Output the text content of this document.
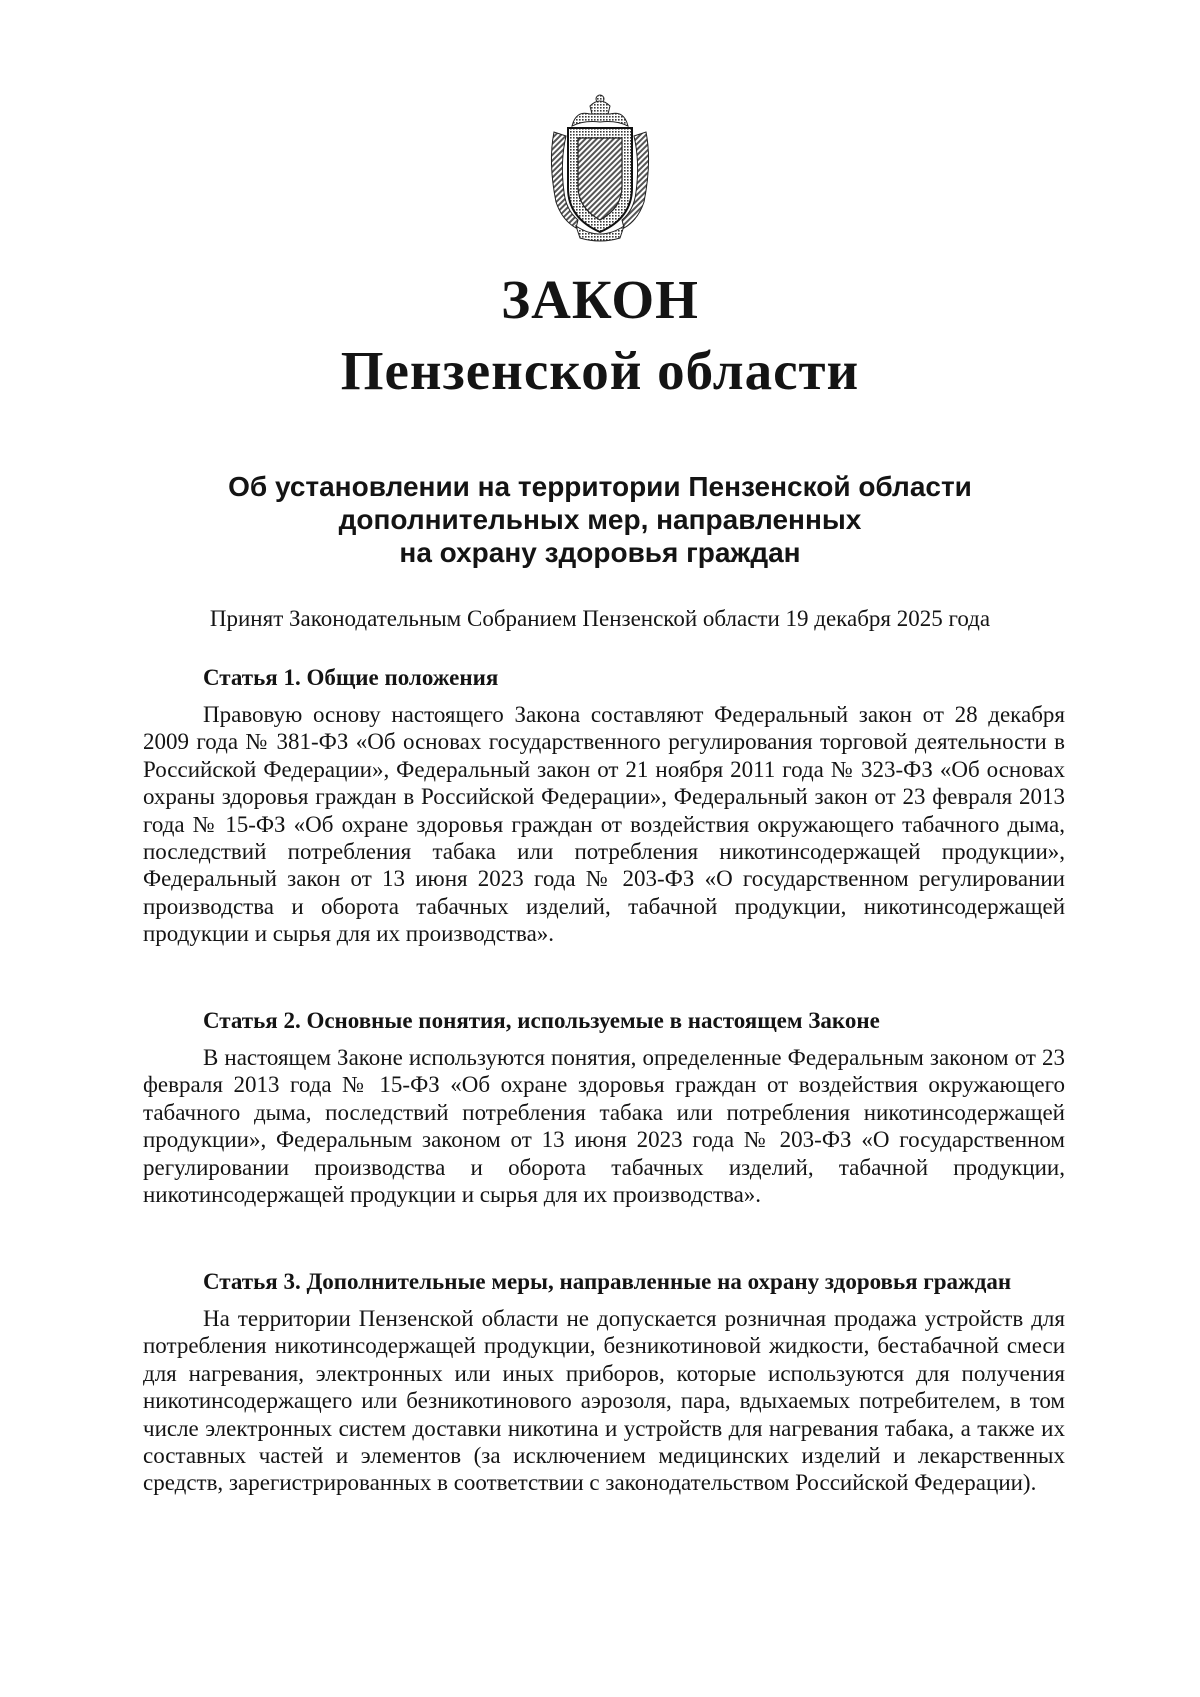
ЗАКОН
Пензенской области
Об установлении на территории Пензенской области
дополнительных мер, направленных
на охрану здоровья граждан
Принят Законодательным Собранием Пензенской области 19 декабря 2025 года
Статья 1. Общие положения

Правовую основу настоящего Закона составляют Федеральный закон от 28 декабря 2009 года № 381-ФЗ «Об основах государственного регулирования торговой деятельности в Российской Федерации», Федеральный закон от 21 ноября 2011 года № 323-ФЗ «Об основах охраны здоровья граждан в Российской Федерации», Федеральный закон от 23 февраля 2013 года № 15-ФЗ «Об охране здоровья граждан от воздействия окружающего табачного дыма, последствий потребления табака или потребления никотинсодержащей продукции», Федеральный закон от 13 июня 2023 года № 203-ФЗ «О государственном регулировании производства и оборота табачных изделий, табачной продукции, никотинсодержащей продукции и сырья для их производства».

Статья 2. Основные понятия, используемые в настоящем Законе

В настоящем Законе используются понятия, определенные Федеральным законом от 23 февраля 2013 года № 15-ФЗ «Об охране здоровья граждан от воздействия окружающего табачного дыма, последствий потребления табака или потребления никотинсодержащей продукции», Федеральным законом от 13 июня 2023 года № 203-ФЗ «О государственном регулировании производства и оборота табачных изделий, табачной продукции, никотинсодержащей продукции и сырья для их производства».

Статья 3. Дополнительные меры, направленные на охрану здоровья граждан

На территории Пензенской области не допускается розничная продажа устройств для потребления никотинсодержащей продукции, безникотиновой жидкости, бестабачной смеси для нагревания, электронных или иных приборов, которые используются для получения никотинсодержащего или безникотинового аэрозоля, пара, вдыхаемых потребителем, в том числе электронных систем доставки никотина и устройств для нагревания табака, а также их составных частей и элементов (за исключением медицинских изделий и лекарственных средств, зарегистрированных в соответствии с законодательством Российской Федерации).
